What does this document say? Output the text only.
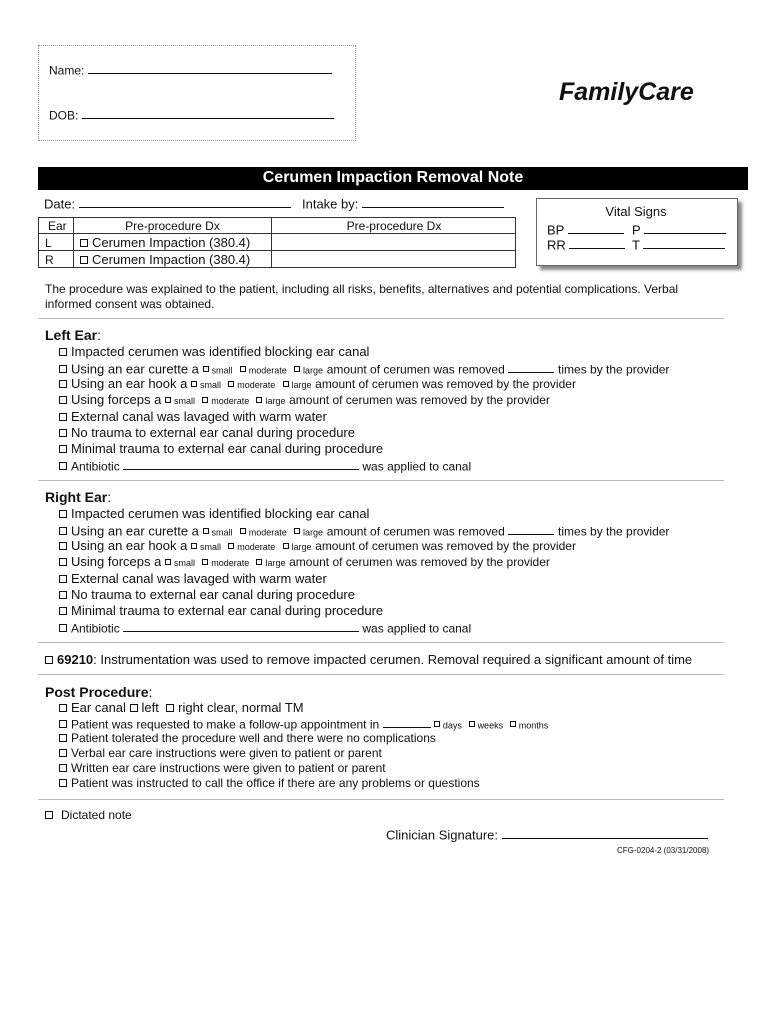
Name:
DOB:
FamilyCare
Cerumen Impaction Removal Note
Date:	Intake by:
Ear	Pre-procedure Dx	Pre-procedure Dx
L	Cerumen Impaction (380.4)
R	Cerumen Impaction (380.4)
Vital Signs
BP	P
RR	T
The procedure was explained to the patient, including all risks, benefits, alternatives and potential complications. Verbal
informed consent was obtained.
Left Ear:
Impacted cerumen was identified blocking ear canal
Using an ear curette a small moderate large amount of cerumen was removed	times by the provider
Using an ear hook a small moderate large amount of cerumen was removed by the provider
Using forceps a small moderate large amount of cerumen was removed by the provider
External canal was lavaged with warm water
No trauma to external ear canal during procedure
Minimal trauma to external ear canal during procedure
Antibiotic	was applied to canal
Right Ear:
Impacted cerumen was identified blocking ear canal
Using an ear curette a small moderate large amount of cerumen was removed	times by the provider
Using an ear hook a small moderate large amount of cerumen was removed by the provider
Using forceps a small moderate large amount of cerumen was removed by the provider
External canal was lavaged with warm water
No trauma to external ear canal during procedure
Minimal trauma to external ear canal during procedure
Antibiotic	was applied to canal
69210: Instrumentation was used to remove impacted cerumen. Removal required a significant amount of time
Post Procedure:
Ear canal left right clear, normal TM
Patient was requested to make a follow-up appointment in	days weeks months
Patient tolerated the procedure well and there were no complications
Verbal ear care instructions were given to patient or parent
Written ear care instructions were given to patient or parent
Patient was instructed to call the office if there are any problems or questions
Dictated note
Clinician Signature:
CFG-0204-2 (03/31/2008)
